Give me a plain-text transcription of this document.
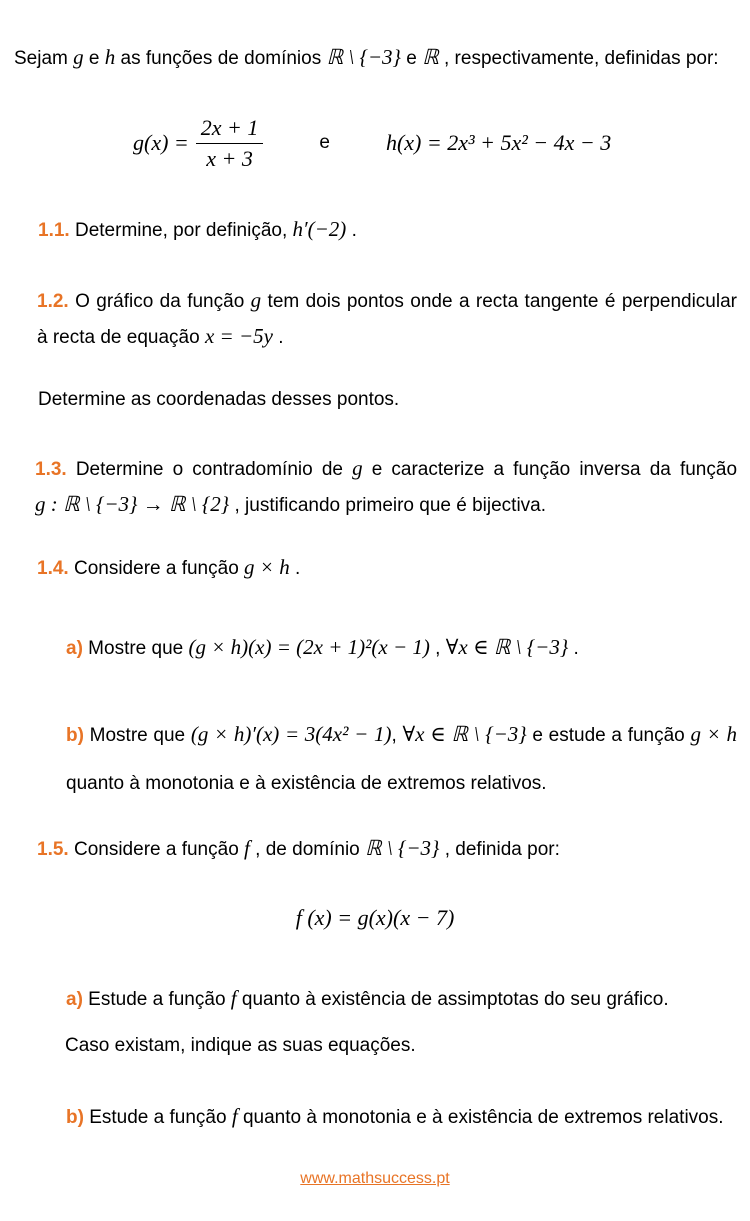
Sejam g e h as funções de domínios ℝ \ {−3} e ℝ , respectivamente, definidas por:
$g(x) = \frac{2x + 1}{x + 3}$	e	h(x) = 2x³ + 5x² − 4x − 3
1.1. Determine, por definição, h′(−2) .
1.2. O gráfico da função g tem dois pontos onde a recta tangente é perpendicular à recta de equação x = −5y .
Determine as coordenadas desses pontos.
1.3. Determine o contradomínio de g e caracterize a função inversa da função g : ℝ \ {−3} → ℝ \ {2} , justificando primeiro que é bijectiva.
1.4. Considere a função g × h .
a) Mostre que (g × h)(x) = (2x + 1)²(x − 1) , ∀x ∈ ℝ \ {−3} .
b) Mostre que (g × h)′(x) = 3(4x² − 1), ∀x ∈ ℝ \ {−3} e estude a função g × h quanto à monotonia e à existência de extremos relativos.
1.5. Considere a função f , de domínio ℝ \ {−3} , definida por:
f (x) = g(x)(x − 7)
a) Estude a função f quanto à existência de assimptotas do seu gráfico.
Caso existam, indique as suas equações.
b) Estude a função f quanto à monotonia e à existência de extremos relativos.
www.mathsuccess.pt
